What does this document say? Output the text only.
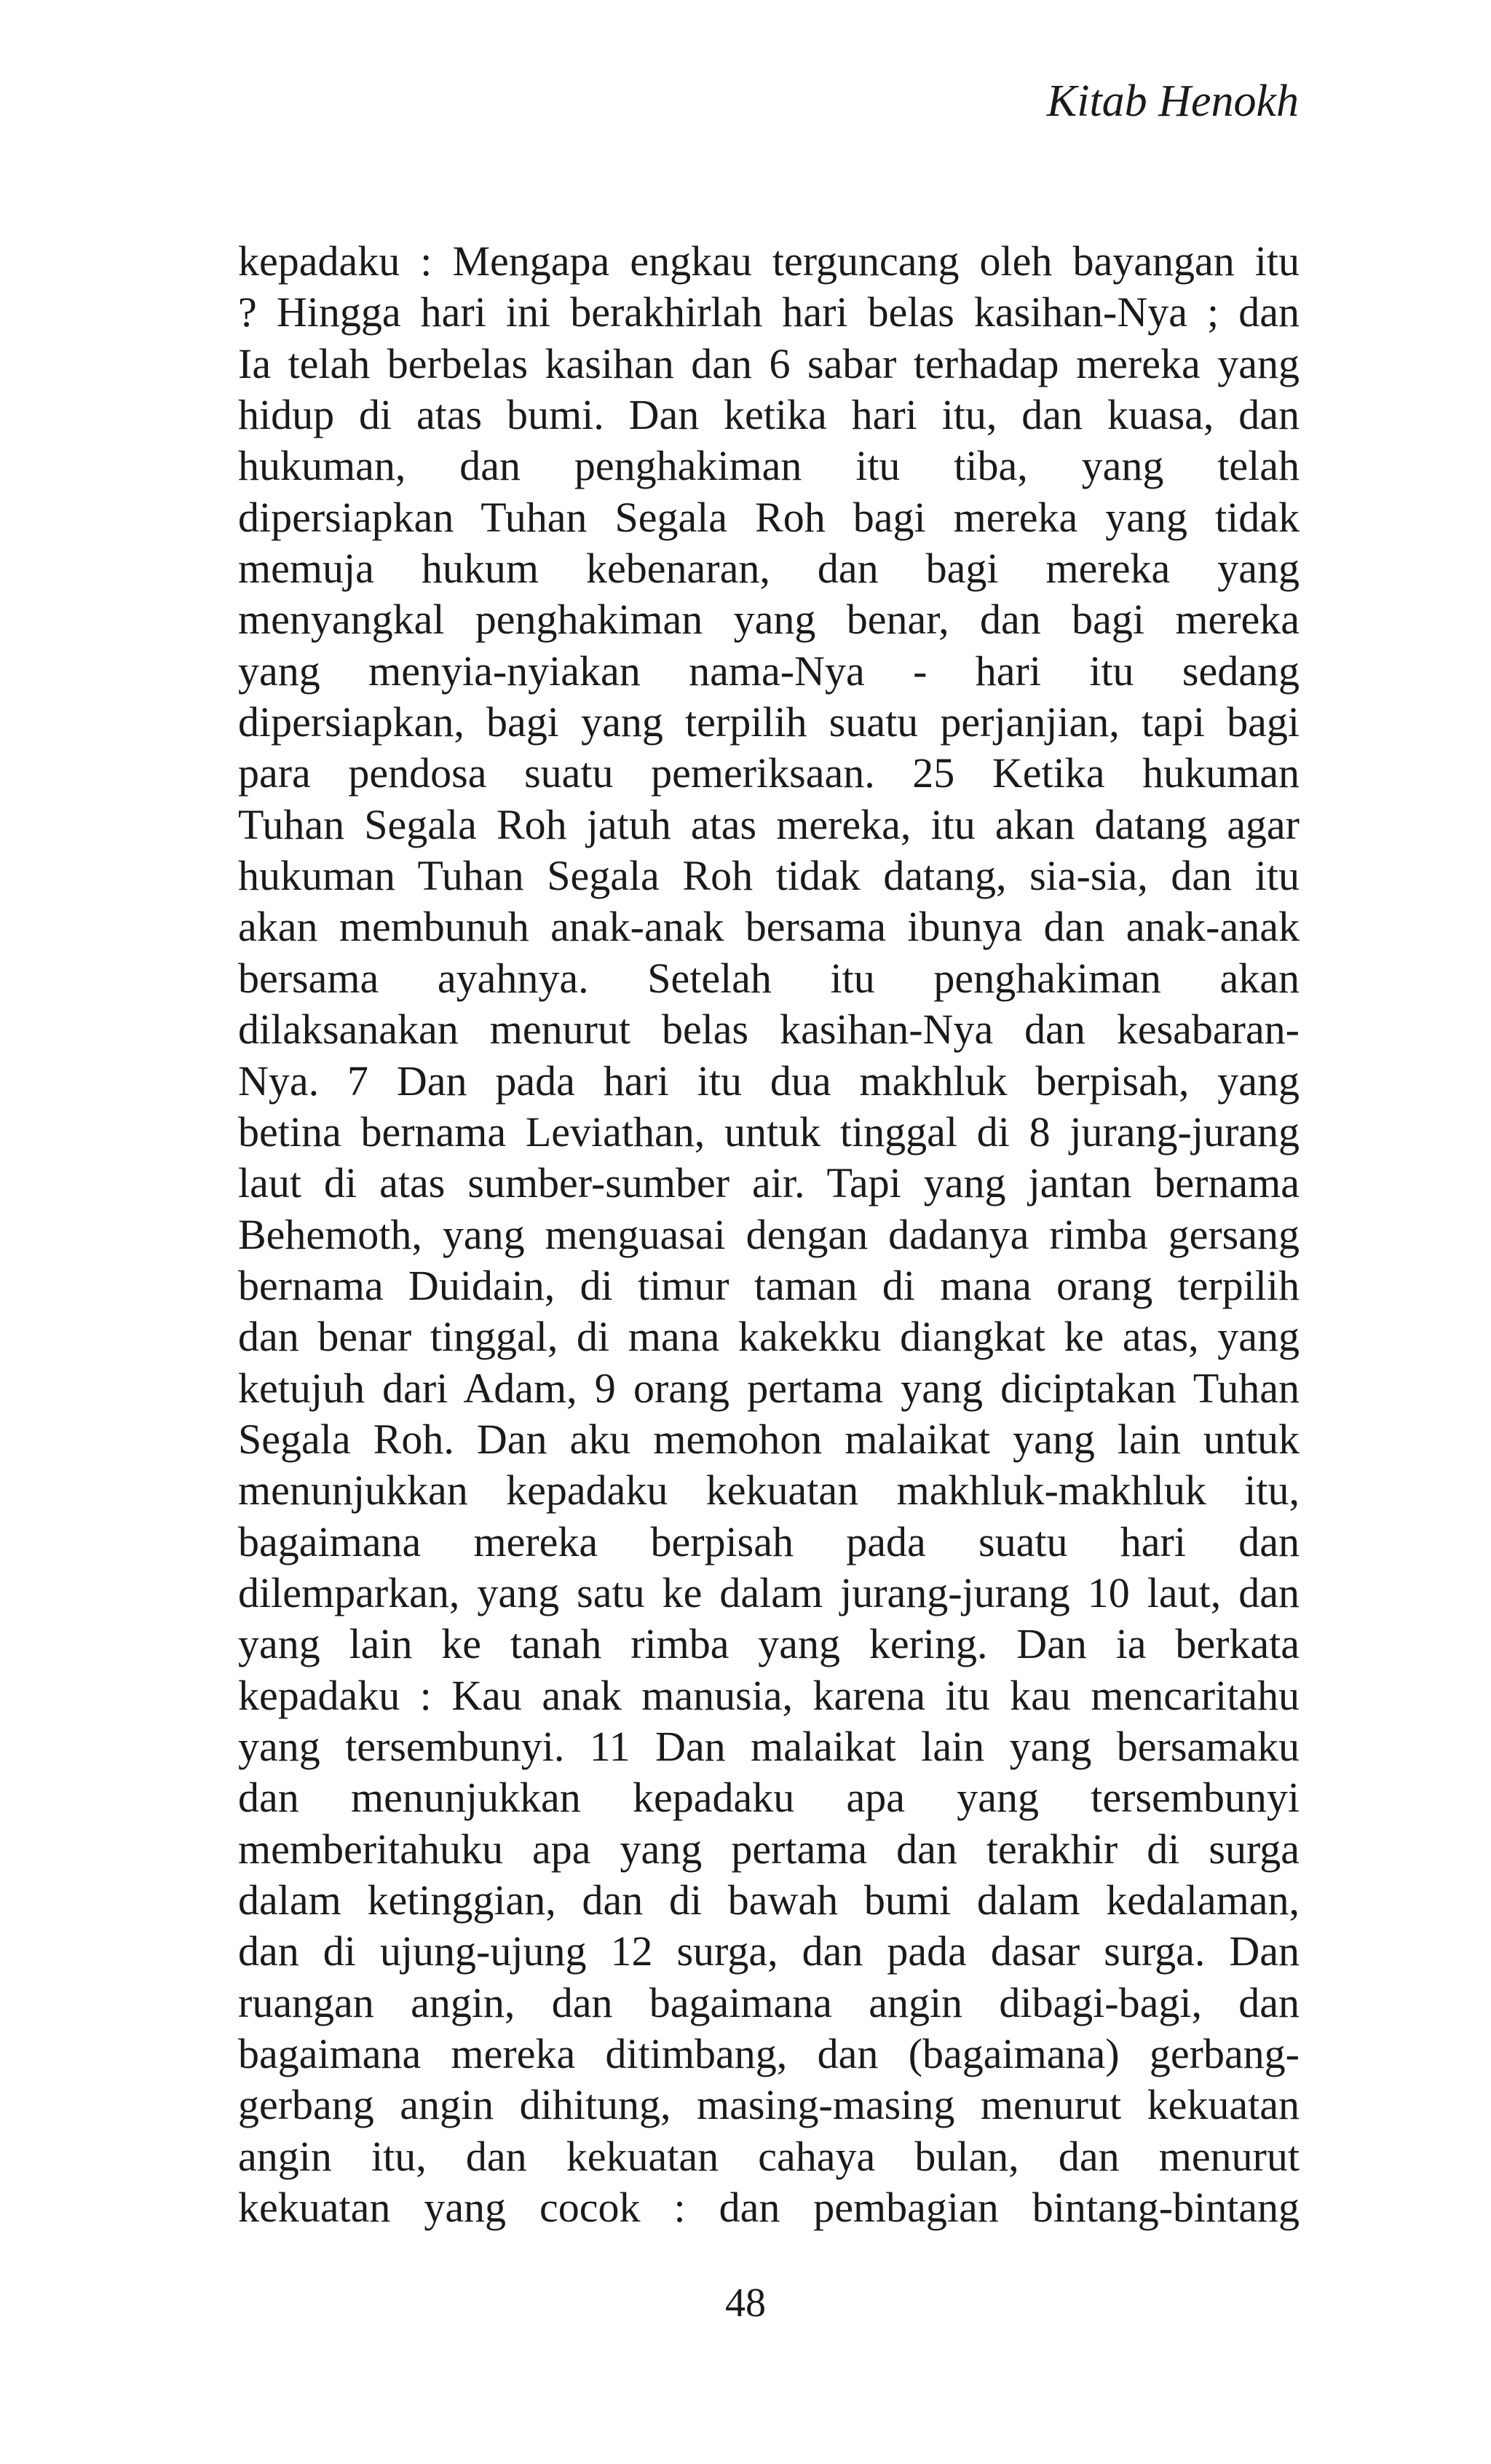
Kitab Henokh
kepadaku : Mengapa engkau terguncang oleh bayangan itu
? Hingga hari ini berakhirlah hari belas kasihan-Nya ; dan
Ia telah berbelas kasihan dan 6 sabar terhadap mereka yang
hidup di atas bumi. Dan ketika hari itu, dan kuasa, dan
hukuman, dan penghakiman itu tiba, yang telah
dipersiapkan Tuhan Segala Roh bagi mereka yang tidak
memuja hukum kebenaran, dan bagi mereka yang
menyangkal penghakiman yang benar, dan bagi mereka
yang menyia-nyiakan nama-Nya - hari itu sedang
dipersiapkan, bagi yang terpilih suatu perjanjian, tapi bagi
para pendosa suatu pemeriksaan. 25 Ketika hukuman
Tuhan Segala Roh jatuh atas mereka, itu akan datang agar
hukuman Tuhan Segala Roh tidak datang, sia-sia, dan itu
akan membunuh anak-anak bersama ibunya dan anak-anak
bersama ayahnya. Setelah itu penghakiman akan
dilaksanakan menurut belas kasihan-Nya dan kesabaran-
Nya. 7 Dan pada hari itu dua makhluk berpisah, yang
betina bernama Leviathan, untuk tinggal di 8 jurang-jurang
laut di atas sumber-sumber air. Tapi yang jantan bernama
Behemoth, yang menguasai dengan dadanya rimba gersang
bernama Duidain, di timur taman di mana orang terpilih
dan benar tinggal, di mana kakekku diangkat ke atas, yang
ketujuh dari Adam, 9 orang pertama yang diciptakan Tuhan
Segala Roh. Dan aku memohon malaikat yang lain untuk
menunjukkan kepadaku kekuatan makhluk-makhluk itu,
bagaimana mereka berpisah pada suatu hari dan
dilemparkan, yang satu ke dalam jurang-jurang 10 laut, dan
yang lain ke tanah rimba yang kering. Dan ia berkata
kepadaku : Kau anak manusia, karena itu kau mencaritahu
yang tersembunyi. 11 Dan malaikat lain yang bersamaku
dan menunjukkan kepadaku apa yang tersembunyi
memberitahuku apa yang pertama dan terakhir di surga
dalam ketinggian, dan di bawah bumi dalam kedalaman,
dan di ujung-ujung 12 surga, dan pada dasar surga. Dan
ruangan angin, dan bagaimana angin dibagi-bagi, dan
bagaimana mereka ditimbang, dan (bagaimana) gerbang-
gerbang angin dihitung, masing-masing menurut kekuatan
angin itu, dan kekuatan cahaya bulan, dan menurut
kekuatan yang cocok : dan pembagian bintang-bintang
48
